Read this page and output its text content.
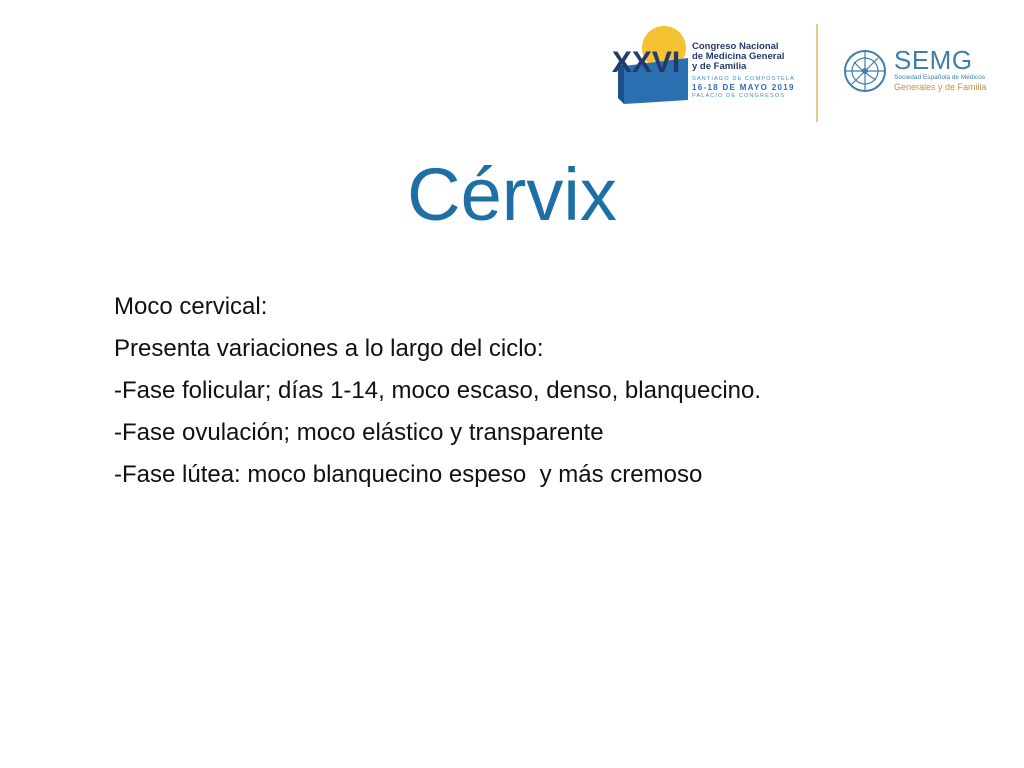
XXVI Congreso Nacional
de Medicina General
y de Familia
SANTIAGO DE COMPOSTELA
16-18 DE MAYO 2019
PALACIO DE CONGRESOS
SEMG
Sociedad Española de Médicos
Generales y de Familia
Cérvix
Moco cervical:
Presenta variaciones a lo largo del ciclo:
-Fase folicular; días 1-14, moco escaso, denso, blanquecino.
-Fase ovulación; moco elástico y transparente
-Fase lútea: moco blanquecino espeso  y más cremoso
